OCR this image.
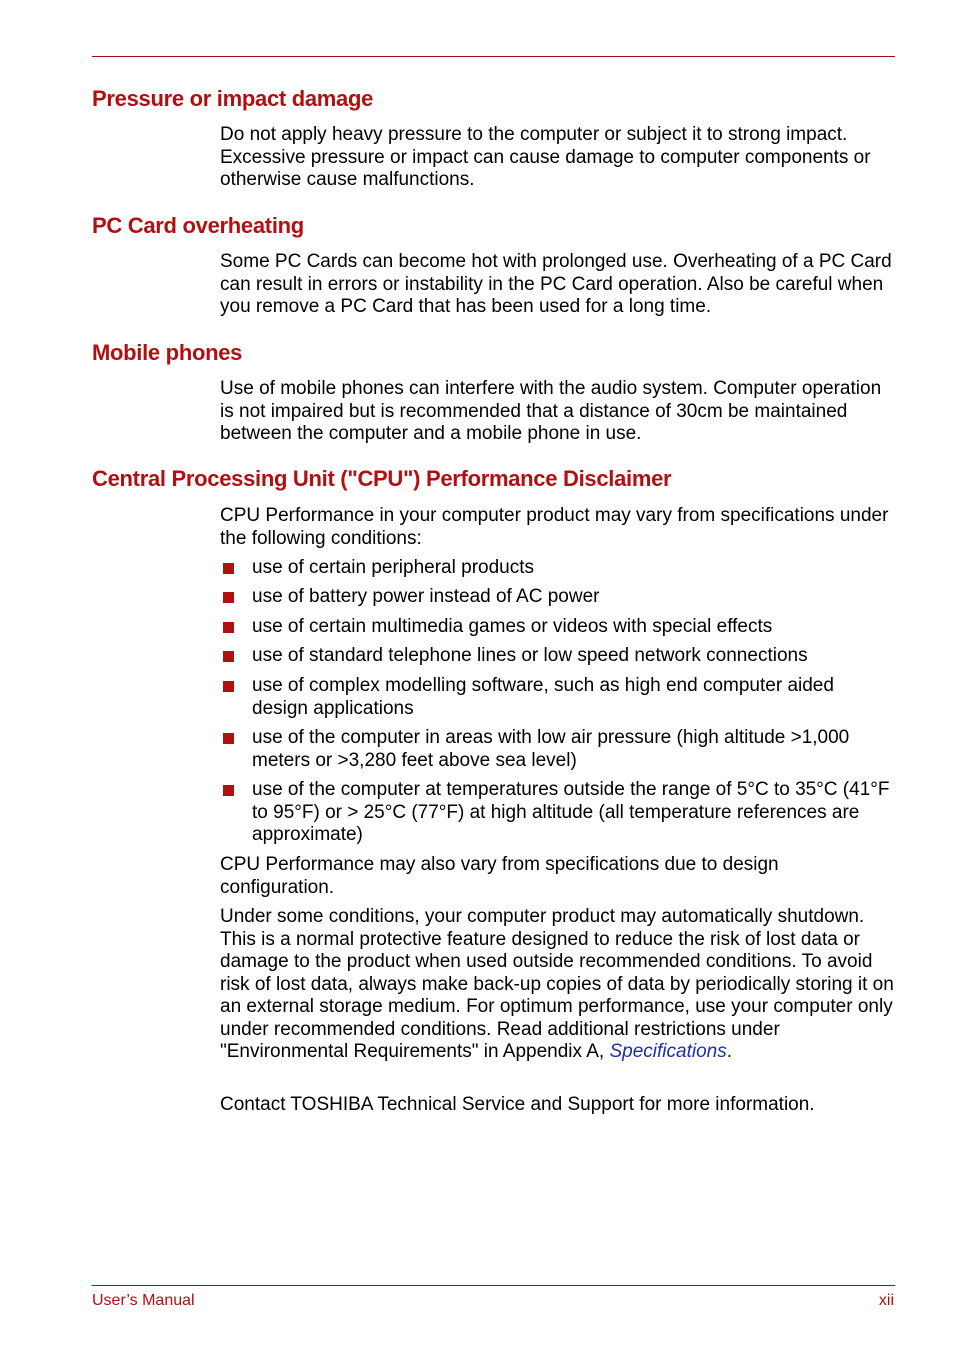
Pressure or impact damage

Do not apply heavy pressure to the computer or subject it to strong impact. Excessive pressure or impact can cause damage to computer components or otherwise cause malfunctions.

PC Card overheating

Some PC Cards can become hot with prolonged use. Overheating of a PC Card can result in errors or instability in the PC Card operation. Also be careful when you remove a PC Card that has been used for a long time.

Mobile phones

Use of mobile phones can interfere with the audio system. Computer operation is not impaired but is recommended that a distance of 30cm be maintained between the computer and a mobile phone in use.

Central Processing Unit ("CPU") Performance Disclaimer

CPU Performance in your computer product may vary from specifications under the following conditions:

use of certain peripheral products
use of battery power instead of AC power
use of certain multimedia games or videos with special effects
use of standard telephone lines or low speed network connections
use of complex modelling software, such as high end computer aided design applications
use of the computer in areas with low air pressure (high altitude >1,000 meters or >3,280 feet above sea level)
use of the computer at temperatures outside the range of 5°C to 35°C (41°F to 95°F) or > 25°C (77°F) at high altitude (all temperature references are approximate)

CPU Performance may also vary from specifications due to design configuration.

Under some conditions, your computer product may automatically shutdown. This is a normal protective feature designed to reduce the risk of lost data or damage to the product when used outside recommended conditions. To avoid risk of lost data, always make back-up copies of data by periodically storing it on an external storage medium. For optimum performance, use your computer only under recommended conditions. Read additional restrictions under "Environmental Requirements" in Appendix A, Specifications.

Contact TOSHIBA Technical Service and Support for more information.

User’s Manual	xii
